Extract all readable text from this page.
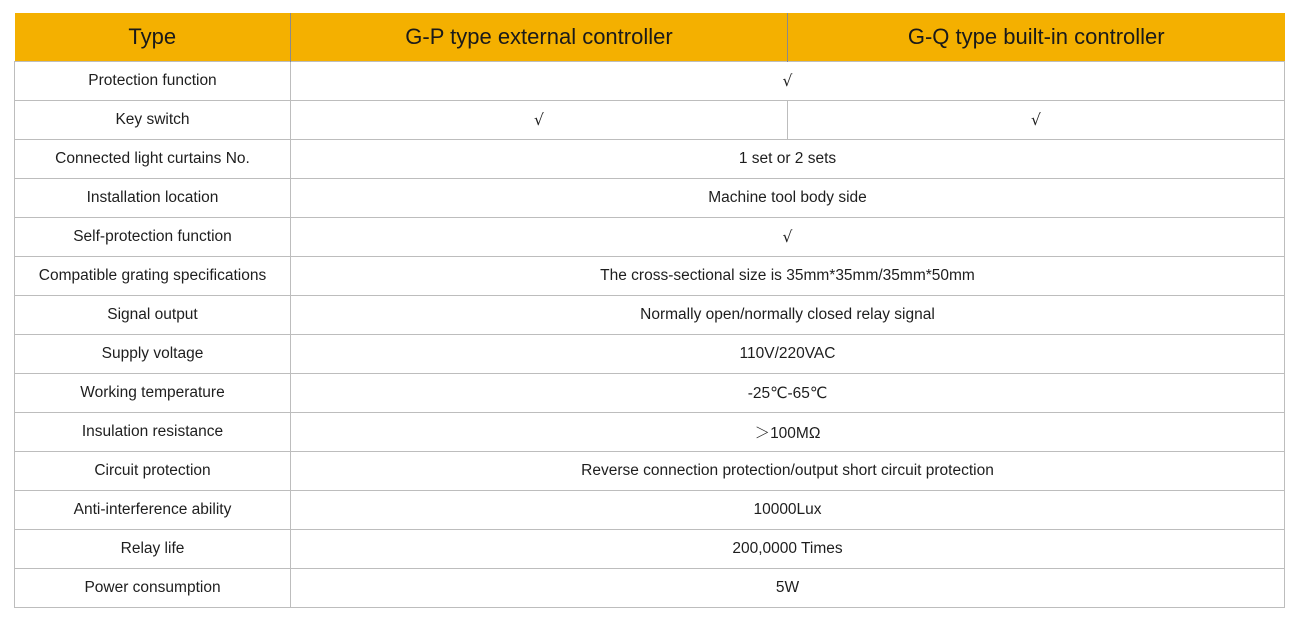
Type	G-P type external controller	G-Q type built-in controller
Protection function	√	
Key switch	√	√
Connected light curtains No.	1 set or 2 sets	
Installation location	Machine tool body side	
Self-protection function	√	
Compatible grating specifications	The cross-sectional size is 35mm*35mm/35mm*50mm	
Signal output	Normally open/normally closed relay signal	
Supply voltage	110V/220VAC	
Working temperature	-25℃-65℃	
Insulation resistance	＞100MΩ	
Circuit protection	Reverse connection protection/output short circuit protection	
Anti-interference ability	10000Lux	
Relay life	200,0000 Times	
Power consumption	5W	
